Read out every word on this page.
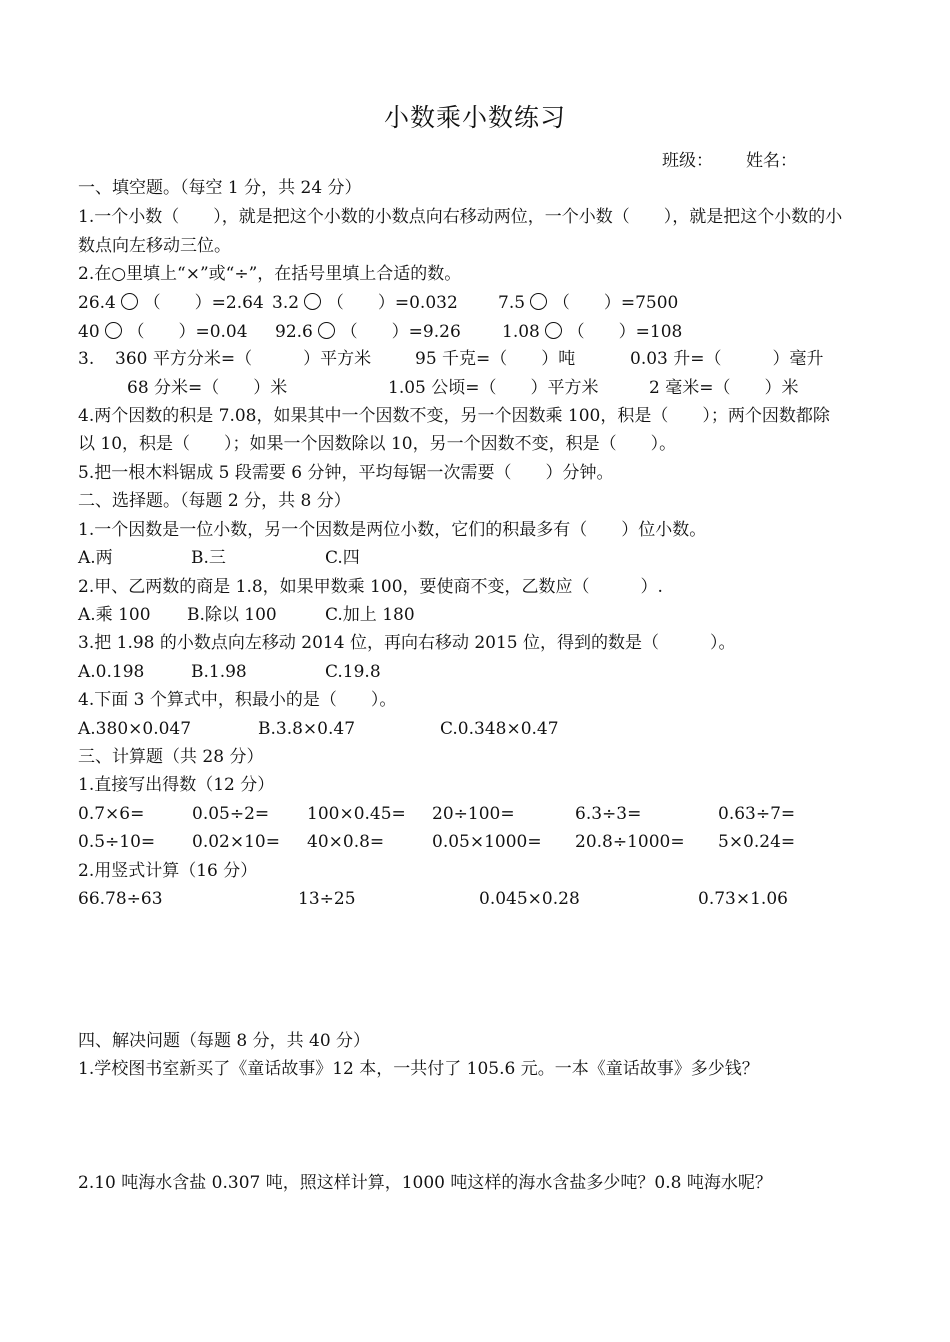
小数乘小数练习
班级： 姓名：
一、填空题。（每空 1 分，共 24 分）
1.一个小数（　　），就是把这个小数的小数点向右移动两位，一个小数（　　），就是把这个小数的小
数点向左移动三位。
2.在○里填上“×”或“÷”，在括号里填上合适的数。
26.4 （　　）=2.64 3.2 （　　）=0.032 7.5 （　　）=7500
40 （　　）=0.04 92.6 （　　）=9.26 1.08 （　　）=108
3. 360 平方分米=（　　　）平方米	95 千克=（　　）吨	0.03 升=（　　　）毫升
68 分米=（　　）米	1.05 公顷=（　　）平方米	2 毫米=（　　）米
4.两个因数的积是 7.08，如果其中一个因数不变，另一个因数乘 100，积是（　　）；两个因数都除
以 10，积是（　　）；如果一个因数除以 10，另一个因数不变，积是（　　）。
5.把一根木料锯成 5 段需要 6 分钟，平均每锯一次需要（　　）分钟。
二、选择题。（每题 2 分，共 8 分）
1.一个因数是一位小数，另一个因数是两位小数，它们的积最多有（　　）位小数。
A.两	B.三	C.四
2.甲、乙两数的商是 1.8，如果甲数乘 100，要使商不变，乙数应（　　　）.
A.乘 100 B.除以 100	C.加上 180
3.把 1.98 的小数点向左移动 2014 位，再向右移动 2015 位，得到的数是（　　　）。
A.0.198	B.1.98	C.19.8
4.下面 3 个算式中，积最小的是（　　）。
A.380×0.047	B.3.8×0.47	C.0.348×0.47
三、计算题（共 28 分）
1.直接写出得数（12 分）
0.7×6=	0.05÷2= 100×0.45= 20÷100=	6.3÷3=	0.63÷7=
0.5÷10= 0.02×10= 40×0.8=	0.05×1000= 20.8÷1000= 5×0.24=
2.用竖式计算（16 分）
66.78÷63	13÷25	0.045×0.28	0.73×1.06
四、解决问题（每题 8 分，共 40 分）
1.学校图书室新买了《童话故事》12 本，一共付了 105.6 元。一本《童话故事》多少钱？
2.10 吨海水含盐 0.307 吨，照这样计算，1000 吨这样的海水含盐多少吨？0.8 吨海水呢？
